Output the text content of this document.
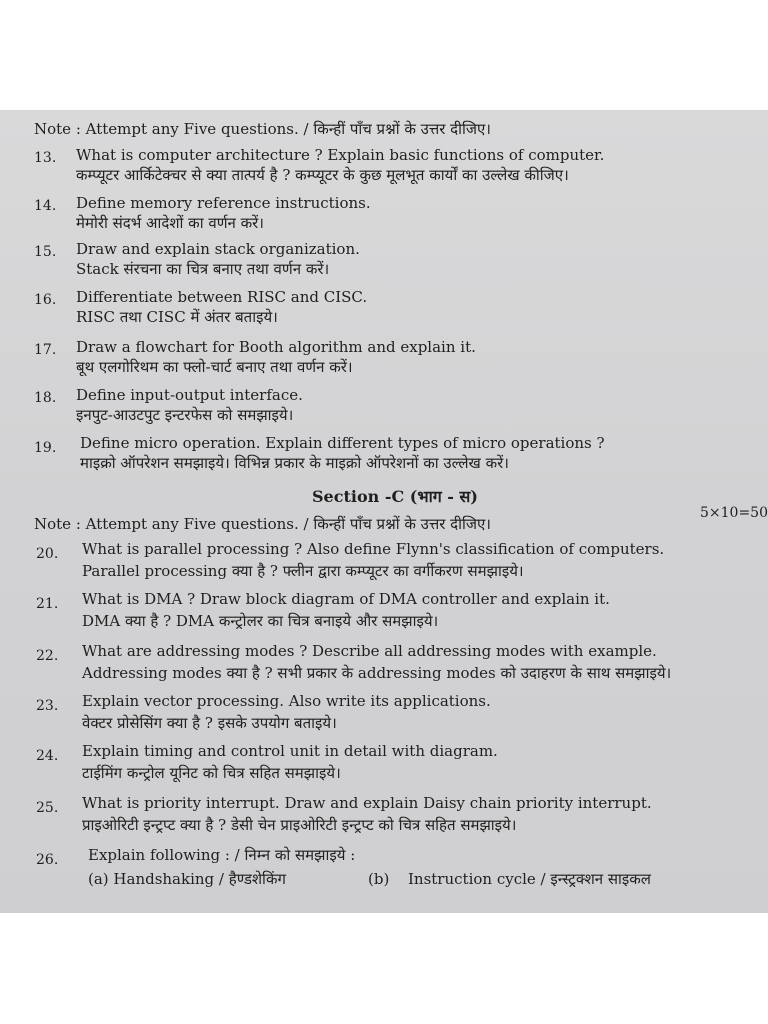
Note : Attempt any Five questions. / किन्हीं पाँच प्रश्नों के उत्तर दीजिए।
13. What is computer architecture ? Explain basic functions of computer.
कम्प्यूटर आर्किटेक्चर से क्या तात्पर्य है ? कम्प्यूटर के कुछ मूलभूत कार्यों का उल्लेख कीजिए।
14. Define memory reference instructions.
मेमोरी संदर्भ आदेशों का वर्णन करें।
15. Draw and explain stack organization.
Stack संरचना का चित्र बनाए तथा वर्णन करें।
16. Differentiate between RISC and CISC.
RISC तथा CISC में अंतर बताइये।
17. Draw a flowchart for Booth algorithm and explain it.
बूथ एलगोरिथम का फ्लो-चार्ट बनाए तथा वर्णन करें।
18. Define input-output interface.
इनपुट-आउटपुट इन्टरफेस को समझाइये।
19. Define micro operation. Explain different types of micro operations ?
माइक्रो ऑपरेशन समझाइये। विभिन्न प्रकार के माइक्रो ऑपरेशनों का उल्लेख करें।
Section -C (भाग - स)
5×10=50
Note : Attempt any Five questions. / किन्हीं पाँच प्रश्नों के उत्तर दीजिए।
20. What is parallel processing ? Also define Flynn's classification of computers.
Parallel processing क्या है ? फ्लीन द्वारा कम्प्यूटर का वर्गीकरण समझाइये।
21. What is DMA ? Draw block diagram of DMA controller and explain it.
DMA क्या है ? DMA कन्ट्रोलर का चित्र बनाइये और समझाइये।
22. What are addressing modes ? Describe all addressing modes with example.
Addressing modes क्या है ? सभी प्रकार के addressing modes को उदाहरण के साथ समझाइये।
23. Explain vector processing. Also write its applications.
वेक्टर प्रोसेसिंग क्या है ? इसके उपयोग बताइये।
24. Explain timing and control unit in detail with diagram.
टाईमिंग कन्ट्रोल यूनिट को चित्र सहित समझाइये।
25. What is priority interrupt. Draw and explain Daisy chain priority interrupt.
प्राइओरिटी इन्ट्रप्ट क्या है ? डेसी चेन प्राइओरिटी इन्ट्रप्ट को चित्र सहित समझाइये।
26. Explain following : / निम्न को समझाइये :
(a) Handshaking / हैण्डशेकिंग	(b) Instruction cycle / इन्स्ट्रक्शन साइकल
